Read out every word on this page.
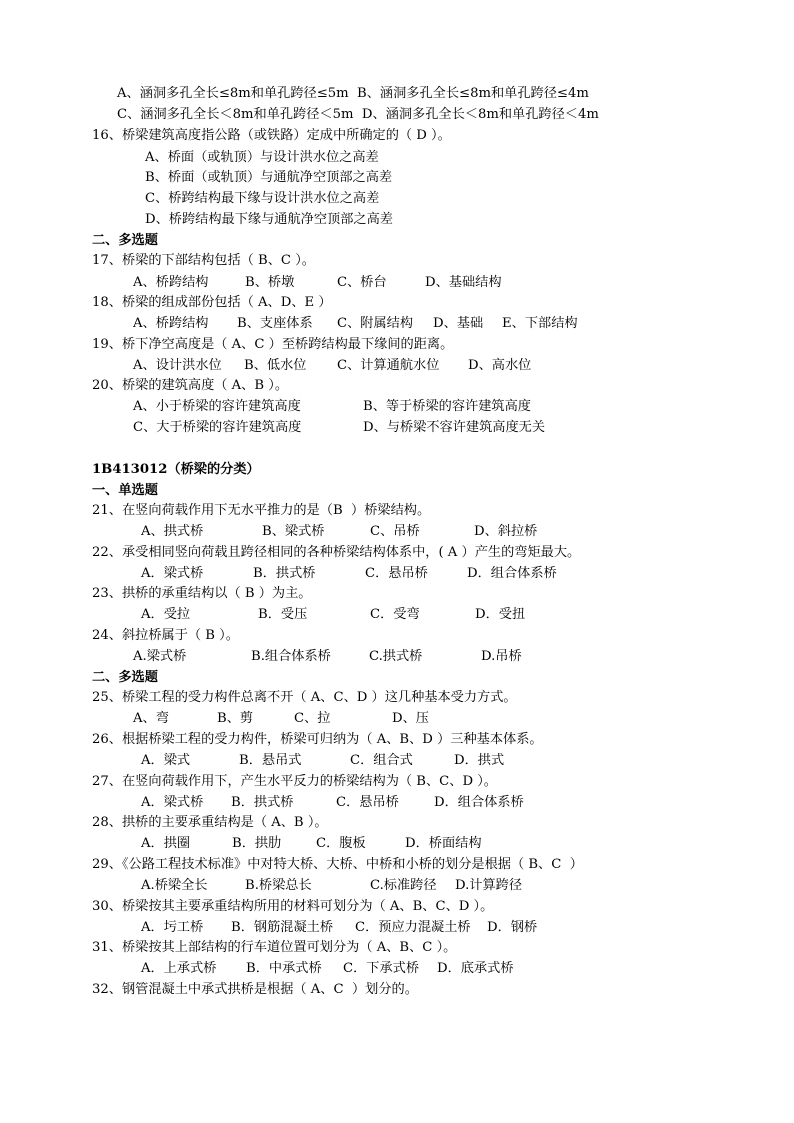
A、涵洞多孔全长≤8m和单孔跨径≤5m  B、涵洞多孔全长≤8m和单孔跨径≤4m
C、涵洞多孔全长＜8m和单孔跨径＜5m  D、涵洞多孔全长＜8m和单孔跨径＜4m
16、桥梁建筑高度指公路（或铁路）定成中所确定的（ D ）。
A、桥面（或轨顶）与设计洪水位之高差
B、桥面（或轨顶）与通航净空顶部之高差
C、桥跨结构最下缘与设计洪水位之高差
D、桥跨结构最下缘与通航净空顶部之高差
二、多选题
17、桥梁的下部结构包括（ B、C ）。
A、桥跨结构	B、桥墩	C、桥台	D、基础结构
18、桥梁的组成部份包括（ A、D、E ）
A、桥跨结构 B、支座体系 C、附属结构 D、基础 E、下部结构
19、桥下净空高度是（ A、C ）至桥跨结构最下缘间的距离。
A、设计洪水位 B、低水位 C、计算通航水位 D、高水位
20、桥梁的建筑高度（ A、B ）。
A、小于桥梁的容许建筑高度	B、等于桥梁的容许建筑高度
C、大于桥梁的容许建筑高度	D、与桥梁不容许建筑高度无关
1B413012（桥梁的分类）
一、单选题
21、在竖向荷载作用下无水平推力的是（B  ）桥梁结构。
A、拱式桥	B、梁式桥	C、吊桥	D、斜拉桥
22、承受相同竖向荷载且跨径相同的各种桥梁结构体系中，( A ）产生的弯矩最大。
A．梁式桥	B．拱式桥	C．悬吊桥	D．组合体系桥
23、拱桥的承重结构以（ B ）为主。
A．受拉	B．受压	C．受弯	D．受扭
24、斜拉桥属于（ B ）。
A.梁式桥	B.组合体系桥	C.拱式桥	D.吊桥
二、多选题
25、桥梁工程的受力构件总离不开（ A、C、D ）这几种基本受力方式。
A、弯	B、剪	C、拉	D、压
26、根据桥梁工程的受力构件，桥梁可归纳为（ A、B、D ）三种基本体系。
A．梁式	B．悬吊式	C．组合式	D．拱式
27、在竖向荷载作用下，产生水平反力的桥梁结构为（ B、C、D ）。
A．梁式桥 B．拱式桥	C．悬吊桥	D．组合体系桥
28、拱桥的主要承重结构是（ A、B ）。
A．拱圈	B．拱肋	C．腹板	D．桥面结构
29、《公路工程技术标准》中对特大桥、大桥、中桥和小桥的划分是根据（ B、C  ）
A.桥梁全长	B.桥梁总长	C.标准跨径 D.计算跨径
30、桥梁按其主要承重结构所用的材料可划分为（ A、B、C、D ）。
A．圬工桥 B．钢筋混凝土桥 C．预应力混凝土桥 D．钢桥
31、桥梁按其上部结构的行车道位置可划分为（ A、B、C ）。
A．上承式桥 B．中承式桥 C．下承式桥 D．底承式桥
32、钢管混凝土中承式拱桥是根据（ A、C  ）划分的。
